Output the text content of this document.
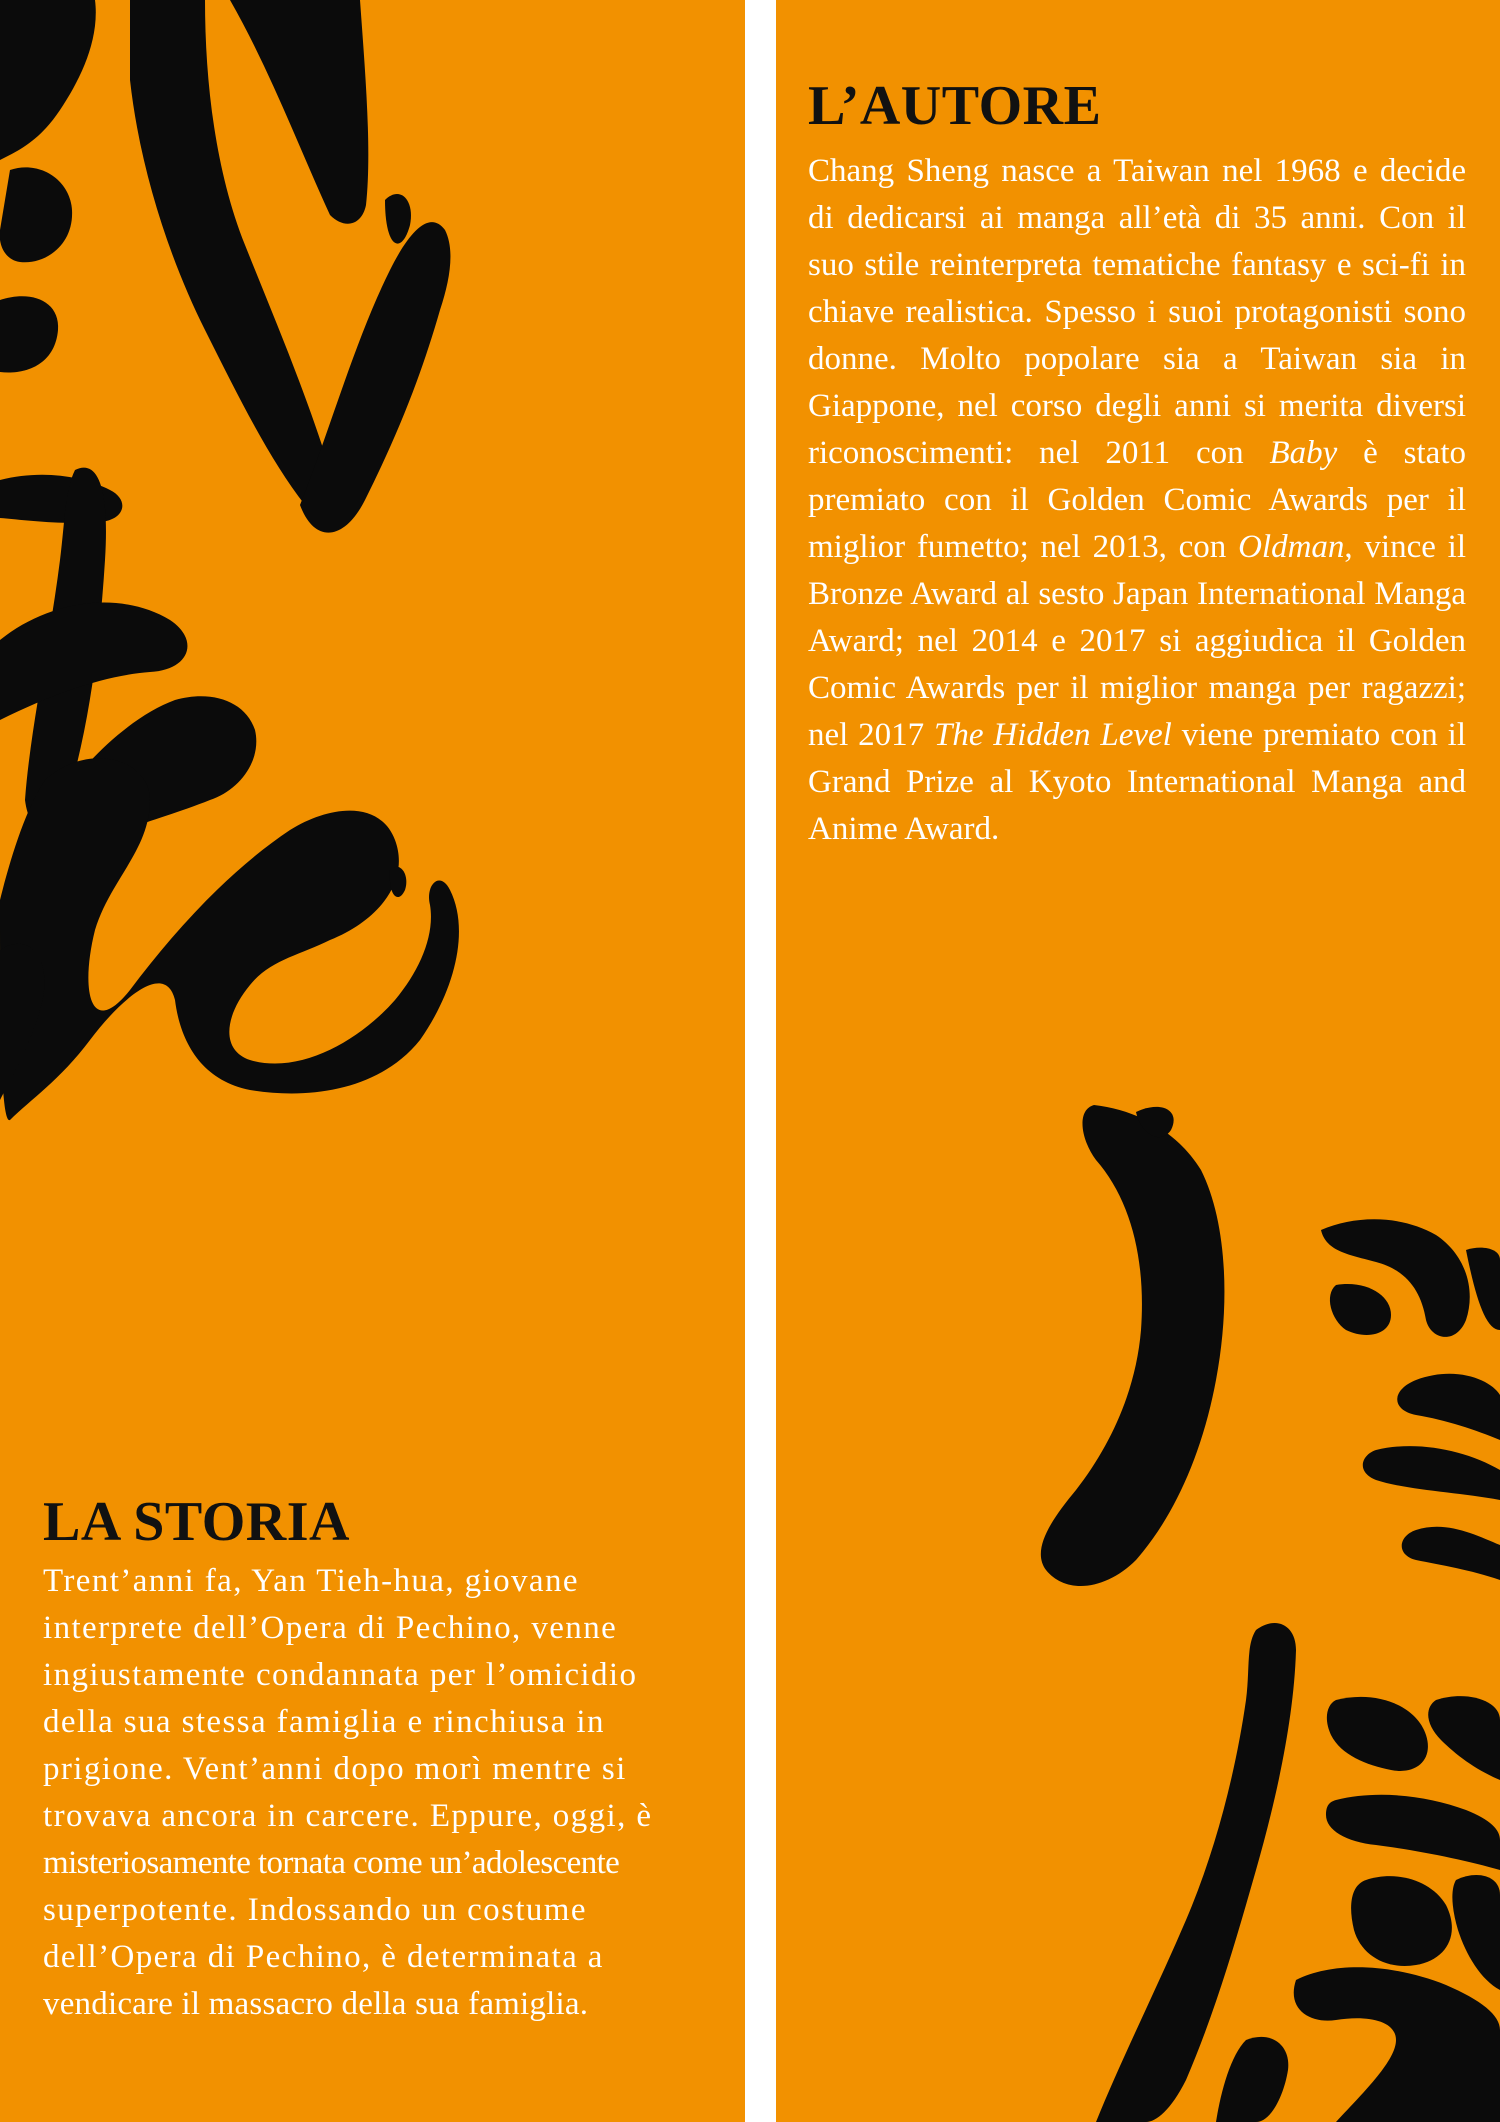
LA STORIA
Trent’anni fa, Yan Tieh-hua, giovane
interprete dell’Opera di Pechino, venne
ingiustamente condannata per l’omicidio
della sua stessa famiglia e rinchiusa in
prigione. Vent’anni dopo morì mentre si
trovava ancora in carcere. Eppure, oggi, è
misteriosamente tornata come un’adolescente
superpotente. Indossando un costume
dell’Opera di Pechino, è determinata a
vendicare il massacro della sua famiglia.
L’AUTORE

Chang Sheng nasce a Taiwan nel 1968 e decide di dedicarsi ai manga all’età di 35 anni. Con il suo stile reinterpreta tematiche fantasy e sci-fi in chiave realistica. Spesso i suoi protagonisti sono donne. Molto popolare sia a Taiwan sia in Giappone, nel corso degli anni si merita diversi riconoscimenti: nel 2011 con Baby è stato premiato con il Golden Comic Awards per il miglior fumetto; nel 2013, con Oldman, vince il Bronze Award al sesto Japan International Manga Award; nel 2014 e 2017 si aggiudica il Golden Comic Awards per il miglior manga per ragazzi; nel 2017 The Hidden Level viene premiato con il Grand Prize al Kyoto International Manga and Anime Award.
